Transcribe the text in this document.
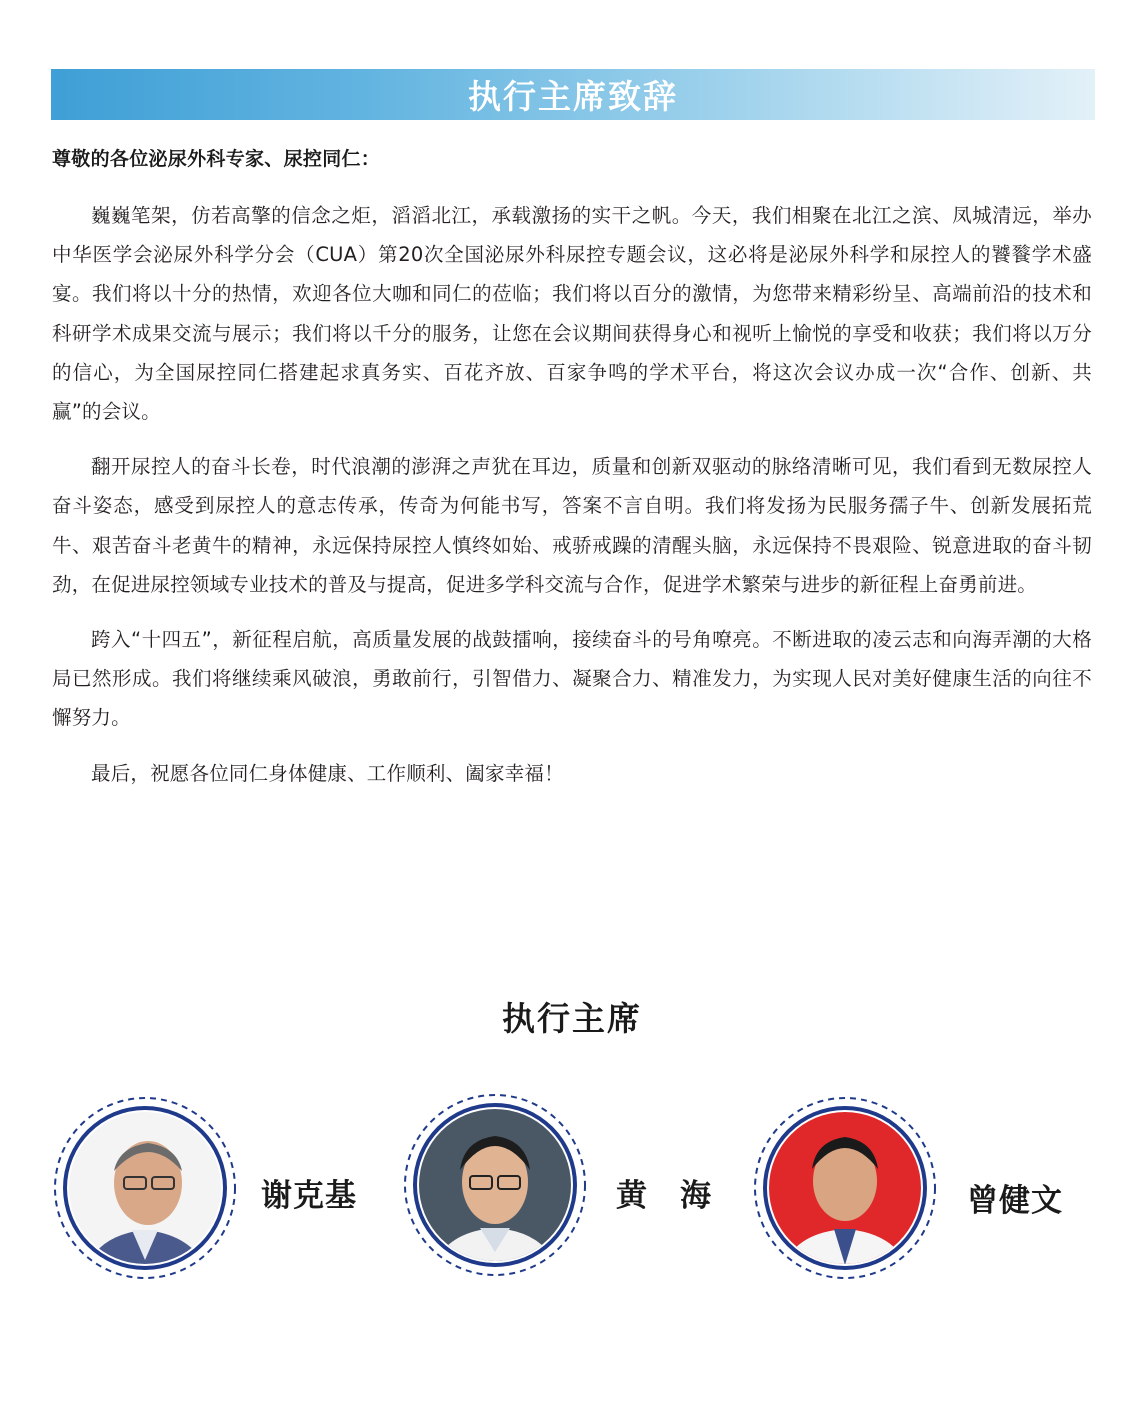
执行主席致辞
尊敬的各位泌尿外科专家、尿控同仁：

巍巍笔架，仿若高擎的信念之炬，滔滔北江，承载激扬的实干之帆。今天，我们相聚在北江之滨、凤城清远，举办中华医学会泌尿外科学分会（CUA）第20次全国泌尿外科尿控专题会议，这必将是泌尿外科学和尿控人的饕餮学术盛宴。我们将以十分的热情，欢迎各位大咖和同仁的莅临；我们将以百分的激情，为您带来精彩纷呈、高端前沿的技术和科研学术成果交流与展示；我们将以千分的服务，让您在会议期间获得身心和视听上愉悦的享受和收获；我们将以万分的信心，为全国尿控同仁搭建起求真务实、百花齐放、百家争鸣的学术平台，将这次会议办成一次“合作、创新、共赢”的会议。

翻开尿控人的奋斗长卷，时代浪潮的澎湃之声犹在耳边，质量和创新双驱动的脉络清晰可见，我们看到无数尿控人奋斗姿态，感受到尿控人的意志传承，传奇为何能书写，答案不言自明。我们将发扬为民服务孺子牛、创新发展拓荒牛、艰苦奋斗老黄牛的精神，永远保持尿控人慎终如始、戒骄戒躁的清醒头脑，永远保持不畏艰险、锐意进取的奋斗韧劲，在促进尿控领域专业技术的普及与提高，促进多学科交流与合作，促进学术繁荣与进步的新征程上奋勇前进。

跨入“十四五”，新征程启航，高质量发展的战鼓擂响，接续奋斗的号角嘹亮。不断进取的凌云志和向海弄潮的大格局已然形成。我们将继续乘风破浪，勇敢前行，引智借力、凝聚合力、精准发力，为实现人民对美好健康生活的向往不懈努力。

最后，祝愿各位同仁身体健康、工作顺利、阖家幸福！

执行主席
谢克基	黄　海	曾健文
